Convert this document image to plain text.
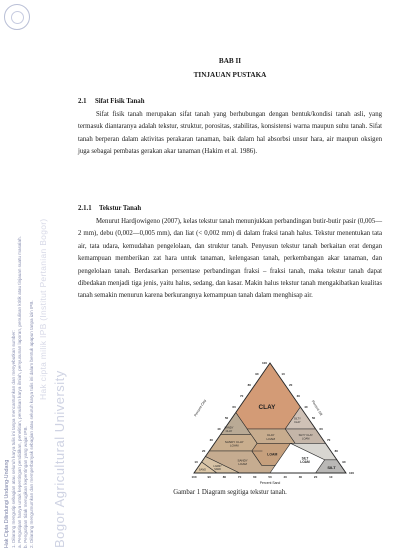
Hak Cipta Dilindungi Undang-Undang 1. Dilarang mengutip sebagian atau seluruh karya tulis ini tanpa mencantumkan dan menyebutkan sumber: a. Pengutipan hanya untuk kepentingan pendidikan, penelitian, penulisan karya ilmiah, penyusunan laporan, penulisan kritik atau tinjauan suatu masalah. b. Pengutipan tidak merugikan kepentingan yang wajar IPB. 2. Dilarang mengumumkan dan memperbanyak sebagian atau seluruh karya tulis ini dalam bentuk apapun tanpa izin IPB. Hak cipta milik IPB (Institut Pertanian Bogor)
Bogor Agricultural University
BAB II
TINJAUAN PUSTAKA
2.1 Sifat Fisik Tanah

Sifat fisik tanah merupakan sifat tanah yang berhubungan dengan bentuk/kondisi tanah asli, yang termasuk diantaranya adalah tekstur, struktur, porositas, stabilitas, konsistensi warna maupun suhu tanah. Sifat tanah berperan dalam aktivitas perakaran tanaman, baik dalam hal absorbsi unsur hara, air maupun oksigen juga sebagai pembatas gerakan akar tanaman (Hakim et al. 1986).

2.1.1 Tekstur Tanah

Menurut Hardjowigeno (2007), kelas tekstur tanah menunjukkan perbandingan butir-butir pasir (0,005—2 mm), debu (0,002—0,005 mm), dan liat (< 0,002 mm) di dalam fraksi tanah halus. Tekstur menentukan tata air, tata udara, kemudahan pengelolaan, dan struktur tanah. Penyusun tekstur tanah berkaitan erat dengan kemampuan memberikan zat hara untuk tanaman, kelengasan tanah, perkembangan akar tanaman, dan pengelolaan tanah. Berdasarkan persentase perbandingan fraksi – fraksi tanah, maka tekstur tanah dapat dibedakan menjadi tiga jenis, yaitu halus, sedang, dan kasar. Makin halus tekstur tanah mengakibatkan kualitas tanah semakin menurun karena berkurangnya kemampuan tanah dalam menghisap air.

CLAY
SILTY
CLAY
SANDY
CLAY
SILTY CLAY
LOAM
CLAY
LOAM
SANDY CLAY
LOAM
LOAM
SILT
LOAM
SILT
SANDY
LOAM
LOAMY
SAND
SAND
100
100
100
90
90
90
80
80
80
70
70
70
60
60
60
50	50
50
40
40
40
30
30
30
20
20
20
10
10
10
Percent Clay	Percent Silt
Percent Sand
Gambar 1 Diagram segitiga tekstur tanah.
